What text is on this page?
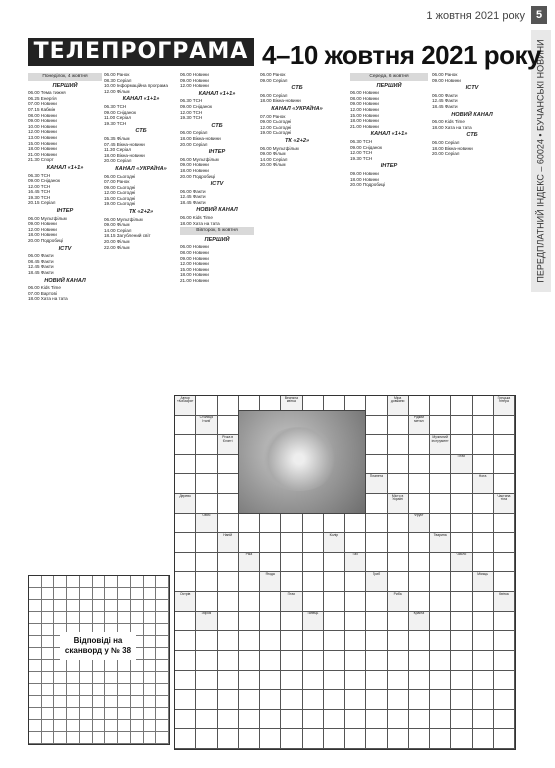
1 жовтня 2021 року 5
ПЕРЕДПЛАТНИЙ ІНДЕКС – 60024 • БУЧАНСЬКІ НОВИНИ
ТЕЛЕПРОГРАМА 4–10 жовтня 2021 року
Понеділок, 4 жовтня
ПЕРШИЙ
06.00 Тема тижня
06.25 Енергія
07.00 Новини
07.15 Кабмін
08.00 Новини
09.00 Новини
10.00 Новини
12.00 Новини
13.00 Новини
15.00 Новини
18.00 Новини
21.00 Новини
21.30 Спорт
КАНАЛ «1+1»
06.30 ТСН
09.00 Сніданок
12.00 ТСН
16.45 ТСН
19.30 ТСН
20.15 Серіал
ІНТЕР
06.00 Мультфільм
09.00 Новини
12.00 Новини
18.00 Новини
20.00 Подробиці
ICTV
06.00 Факти
08.45 Факти
12.45 Факти
18.45 Факти
НОВИЙ КАНАЛ
06.00 Kids Time
07.00 Вартові
18.00 Хата на тата
06.00 Ранок
08.30 Серіал
10.00 Інформаційна програма
12.00 Фільм
КАНАЛ «1+1»
06.30 ТСН
09.00 Сніданок
11.00 Серіал
19.30 ТСН
СТБ
05.35 Фільм
07.45 Вікна-новини
11.30 Серіал
18.00 Вікна-новини
20.00 Серіал
КАНАЛ «УКРАЇНА»
06.00 Сьогодні
07.00 Ранок
09.00 Сьогодні
12.00 Сьогодні
15.00 Сьогодні
19.00 Сьогодні
ТК «2+2»
06.00 Мультфільм
09.00 Фільм
14.00 Серіал
18.15 Загублений світ
20.00 Фільм
22.00 Фільм
06.00 Новини
09.00 Новини
12.00 Новини
КАНАЛ «1+1»
06.30 ТСН
09.00 Сніданок
12.00 ТСН
19.30 ТСН
СТБ
06.00 Серіал
18.00 Вікна-новини
20.00 Серіал
ІНТЕР
06.00 Мультфільм
09.00 Новини
18.00 Новини
20.00 Подробиці
ICTV
06.00 Факти
12.45 Факти
18.45 Факти
НОВИЙ КАНАЛ
06.00 Kids Time
18.00 Хата на тата
Вівторок, 5 жовтня
ПЕРШИЙ
06.00 Новини
08.00 Новини
09.00 Новини
12.00 Новини
15.00 Новини
18.00 Новини
21.00 Новини
06.00 Ранок
09.00 Серіал
СТБ
06.00 Серіал
18.00 Вікна-новини
КАНАЛ «УКРАЇНА»
07.00 Ранок
09.00 Сьогодні
12.00 Сьогодні
19.00 Сьогодні
ТК «2+2»
06.00 Мультфільм
09.00 Фільм
14.00 Серіал
20.00 Фільм
Середа, 6 жовтня
ПЕРШИЙ
06.00 Новини
08.00 Новини
09.00 Новини
12.00 Новини
15.00 Новини
18.00 Новини
21.00 Новини
КАНАЛ «1+1»
06.30 ТСН
09.00 Сніданок
12.00 ТСН
19.30 ТСН
ІНТЕР
09.00 Новини
18.00 Новини
20.00 Подробиці
06.00 Ранок
09.00 Новини
ICTV
06.00 Факти
12.45 Факти
18.45 Факти
НОВИЙ КАНАЛ
06.00 Kids Time
18.00 Хата на тата
СТБ
06.00 Серіал
18.00 Вікна-новини
20.00 Серіал
Автор «Кобзаря»
Весняна квітка
Міра довжини
Грецька літера
Столиця Італії
Рідкий метал
Річка в Єгипті
Музичний інструмент
Птах
Планета	Нота
Дерево	Місто в Україні
Частина тіла
Овоч	Фрукт
Напій	Колір	Тварина
Ріка	Газ	Число
Ягода	Гриб	Місяць
Острів	Птах	Риба	Квітка
Зброя	Танець	Країна
Відповіді на сканворд у № 38
